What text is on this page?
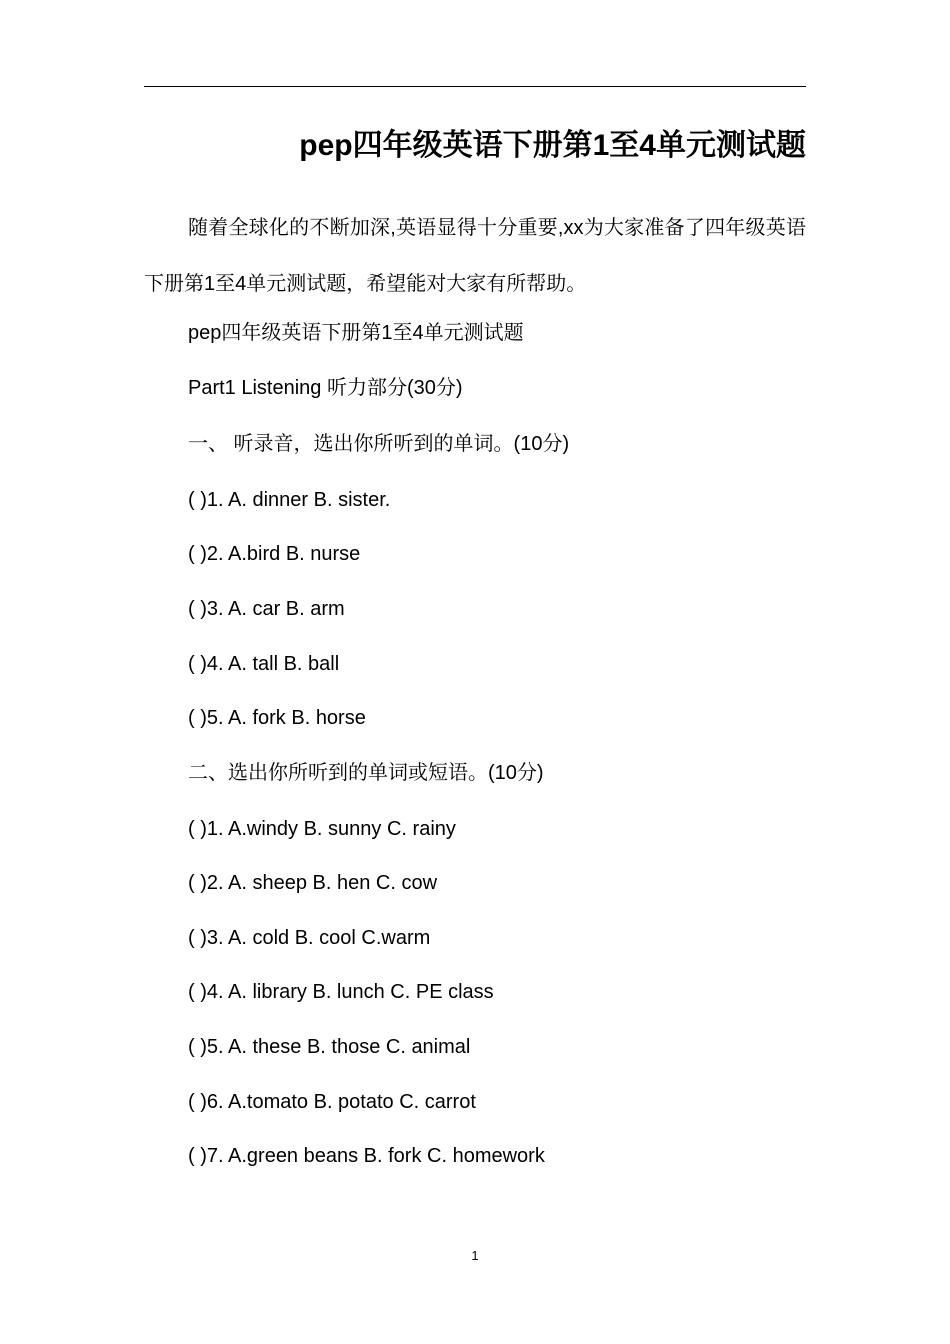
pep四年级英语下册第1至4单元测试题

随着全球化的不断加深,英语显得十分重要,xx为大家准备了四年级英语下册第1至4单元测试题，希望能对大家有所帮助。

pep四年级英语下册第1至4单元测试题
Part1 Listening 听力部分(30分)
一、 听录音，选出你所听到的单词。(10分)
( )1. A. dinner B. sister.
( )2. A.bird B. nurse
( )3. A. car B. arm
( )4. A. tall B. ball
( )5. A. fork B. horse
二、选出你所听到的单词或短语。(10分)
( )1. A.windy B. sunny C. rainy
( )2. A. sheep B. hen C. cow
( )3. A. cold B. cool C.warm
( )4. A. library B. lunch C. PE class
( )5. A. these B. those C. animal
( )6. A.tomato B. potato C. carrot
( )7. A.green beans B. fork C. homework
1
